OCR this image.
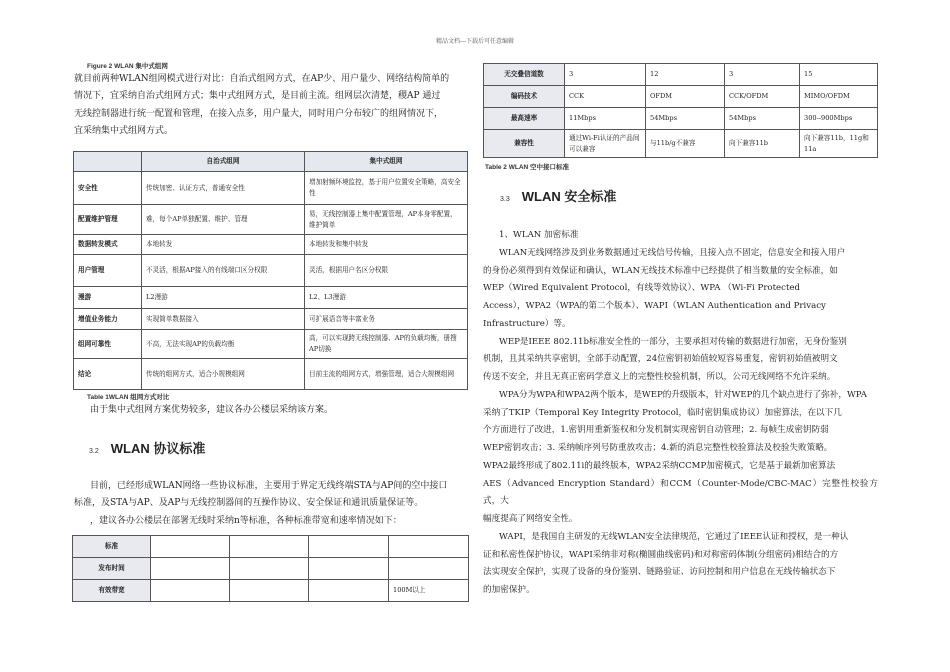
精品文档---下载后可任意编辑
Figure 2 WLAN 集中式组网

就目前两种WLAN组网模式进行对比：自治式组网方式，在AP少、用户量少、网络结构简单的

情况下，宜采纳自治式组网方式；集中式组网方式，是目前主流。组网层次清楚，稷AP 通过

无线控制器进行统一配置和管理，在接入点多，用户量大，同时用户分布较广的组网情况下，

宜采纳集中式组网方式。

	自治式组网	集中式组网
安全性	传统加密、认证方式，普通安全性	增加射频环境监控，基于用户位置安全策略，高安全性
配置维护管理	难，每个AP单独配置、维护、管理	易，无线控制器上集中配置管理，AP本身零配置，维护简单
数据转发模式	本地转发	本地转发和集中转发
用户管理	不灵活，根据AP接入的有线端口区分权限	灵活，根据用户名区分权限
漫游	L2漫游	L2、L3漫游
增值业务能力	实现简单数据接入	可扩展语音等丰富业务
组网可靠性	不高，无法实现AP的负载均衡	高，可以实现跨无线控制器、AP的负载均衡，册搜AP切换
结论	传统的组网方式，适合小规模组网	目前主流的组网方式，增强管理，适合大规模组网
Table 1WLAN 组网方式对比
由于集中式组网方案优势较多，建议各办公楼层采纳该方案。
3.2 WLAN 协议标准

目前，已经形成WLAN网络一些协议标准，主要用于界定无线终端STA与AP间的空中接口

标准，及STA与AP、及AP与无线控制器间的互操作协议、安全保证和通讯质量保证等。

，建议各办公楼层在部署无线时采纳n等标准，各种标准带宽和速率情况如下：

标准				
发布时间				
有效带宽				100M以上
无交叠信道数	3	12	3	15
编码技术	CCK	OFDM	CCK/OFDM	MIMO/OFDM
最高速率	11Mbps	54Mbps	54Mbps	300--900Mbps
兼容性	通过Wi-Fi认证的产品间可以兼容	与11b/g不兼容	向下兼容11b	向下兼容11b，11g和11a
Table 2 WLAN 空中接口标准
3.3 WLAN 安全标准

1、WLAN 加密标准

WLAN无线网络涉及到业务数据通过无线信号传输，且接入点不固定，信息安全和接入用户

的身份必须得到有效保证和确认，WLAN无线技术标准中已经提供了相当数量的安全标准，如

WEP（Wired Equivalent Protocol，有线等效协议）、WPA （Wi-Fi Protected

Access），WPA2（WPA的第二个版本）、WAPI（WLAN Authentication and Privacy

Infrastructure）等。

WEP是IEEE 802.11b标准安全性的一部分，主要承担对传输的数据进行加密，无身份鉴别

机制，且其采纳共享密钥，全部手动配置，24位密钥初始值较短容易重复，密钥初始值被明文

传送不安全，并且无真正密码学意义上的完整性校验机制，所以，公司无线网络不允许采纳。

WPA分为WPA和WPA2两个版本，是WEP的升级版本，针对WEP的几个缺点进行了弥补，WPA

采纳了TKIP（Temporal Key Integrity Protocol，临时密钥集成协议）加密算法，在以下几

个方面进行了改进，1.密钥用重新鉴权和分发机制实现密钥自动管理；2. 每帧生成密钥防弱

WEP密钥攻击；3. 采纳帧序列号防重放攻击；4.新的消息完整性校验算法及校验失败策略。

WPA2最终形成了802.11i的最终版本，WPA2采纳CCMP加密模式，它是基于最新加密算法

AES（Advanced Encryption Standard）和CCM（Counter-Mode/CBC-MAC）完整性校验方式，大

幅度提高了网络安全性。

WAPI，是我国自主研发的无线WLAN安全法律规范，它通过了IEEE认证和授权，是一种认

证和私密性保护协议，WAPI采纳非对称(椭圆曲线密码)和对称密码体制(分组密码)相结合的方

法实现安全保护，实现了设备的身份鉴别、链路验证、访问控制和用户信息在无线传输状态下

的加密保护。
